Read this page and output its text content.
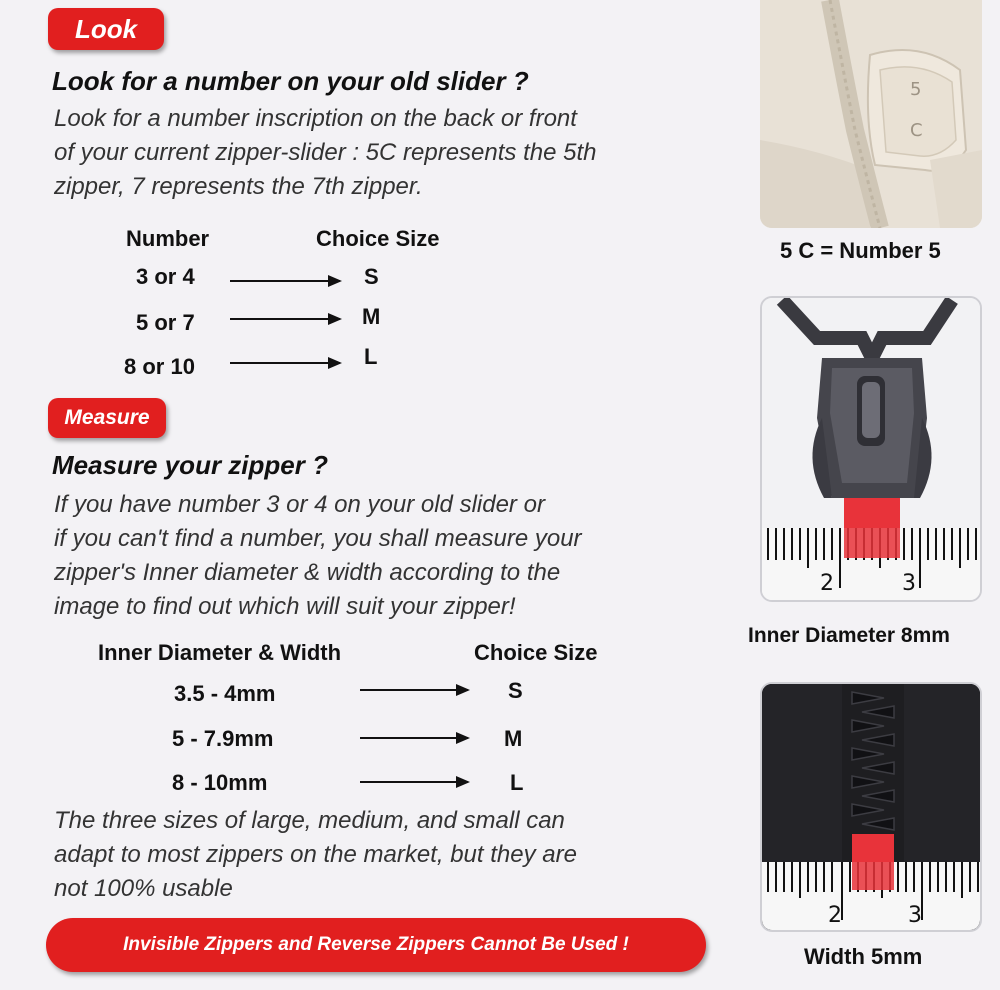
Look
Look for a number on your old slider ?
Look for a number inscription on the back or front
of your current zipper-slider : 5C represents the 5th
zipper, 7 represents the 7th zipper.
Number	Choice Size
3 or 4	S
5 or 7	M
8 or 10	L
Measure
Measure your zipper ?
If you have number 3 or 4 on your old slider or
if you can't find a number, you shall measure your
zipper's Inner diameter & width according to the
image to find out which will suit your zipper!
Inner Diameter & Width	Choice Size
3.5 - 4mm	S
5 - 7.9mm	M
8 - 10mm	L
The three sizes of large, medium, and small can
adapt to most zippers on the market, but they are
not 100% usable
Invisible Zippers and Reverse Zippers Cannot Be Used !
5
C
5 C = Number 5
2	3
Inner Diameter 8mm
2	3
Width 5mm
